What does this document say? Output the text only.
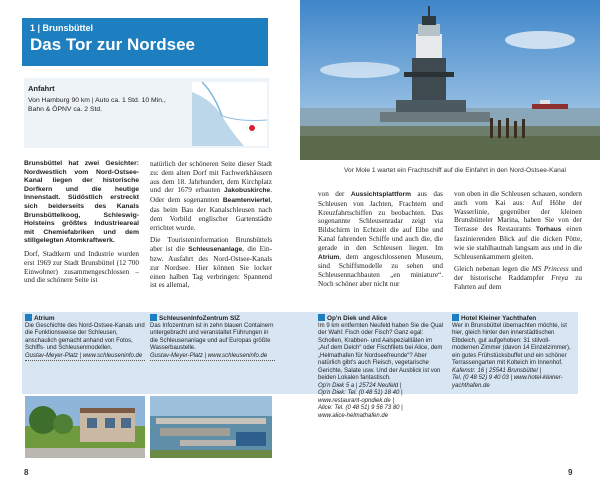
1 | Brunsbüttel
Das Tor zur Nordsee
Anfahrt
Von Hamburg 90 km | Auto ca. 1 Std. 10 Min.,
Bahn & ÖPNV ca. 2 Std.

Brunsbüttel hat zwei Gesichter: Nordwestlich vom Nord-Ostsee-Kanal liegen der historische Dorfkern und die heutige Innenstadt. Südöstlich erstreckt sich beiderseits des Kanals Brunsbüttelkoog, Schleswig-Holsteins größtes Industrieareal mit Chemiefabriken und dem stillgelegten Atomkraftwerk.

Dorf, Stadtkern und Industrie wurden erst 1969 zur Stadt Brunsbüttel (12 700 Einwohner) zusammengeschlossen – und die schönere Seite ist

natürlich der schöneren Seite dieser Stadt zu: dem alten Dorf mit Fachwerkhäusern aus dem 18. Jahrhundert, dem Kirchplatz und der 1679 erbauten Jakobuskirche. Oder dem sogenannten Beamtenviertel, das beim Bau der Kanalschleusen nach dem Vorbild englischer Gartenstädte errichtet wurde.

Die Touristeninformation Brunsbüttels aber ist die Schleusenanlage, die Ein- bzw. Ausfahrt des Nord-Ostsee-Kanals zur Nordsee. Hier können Sie locker einen halben Tag verbringen: Spannend ist es allemal,

Atrium
Die Geschichte des Nord-Ostsee-Kanals und die Funktionsweise der Schleusen, anschaulich gemacht anhand von Fotos, Schiffs- und Schleusenmodellen.
Gustav-Meyer-Platz | www.schleuseninfo.de
SchleusenInfoZentrum SIZ
Das Infozentrum ist in zehn blauen Containern untergebracht und veranstaltet Führungen in die Schleusenanlage und auf Europas größte Wasserbaustelle.
Gustav-Meyer-Platz | www.schleuseninfo.de
8
Vor Mole 1 wartet ein Frachtschiff auf die Einfahrt in den Nord-Ostsee-Kanal

von der Aussichtsplattform aus das Schleusen von Jachten, Frachtern und Kreuzfahrtschiffen zu beobachten. Das sogenannte Schleusenradar zeigt via Bildschirm in Echtzeit die auf Elbe und Kanal fahrenden Schiffe und auch die, die gerade in den Schleusen liegen. Im Atrium, dem angeschlossenen Museum, sind Schiffsmodelle zu sehen und Schleusennachbauten „en miniature“. Noch schöner aber nicht nur

von oben in die Schleusen schauen, sondern auch vom Kai aus: Auf Höhe der Wasserlinie, gegenüber der kleinen Brunsbütteler Marina, haben Sie von der Terrasse des Restaurants Torhaus einen faszinierenden Blick auf die dicken Pötte, wie sie stahlhautnah langsam aus und in die Schleusenkammern gleiten.

Gleich nebenan legen die MS Princess und der historische Raddampfer Freya zu Fahrten auf dem

Op'n Diek und Alice
Im 9 km entfernten Neufeld haben Sie die Qual der Wahl: Fisch oder Fisch? Ganz egal: Schollen, Krabben- und Aalspezialitäten im „Auf dem Deich“ oder Fischfilets bei Alice, dem „Helmathafen für Nordseefreunde“? Aber natürlich gibt's auch Fleisch, vegetarische Gerichte, Salate usw. Und der Ausblick ist von beiden Lokalen fantastisch.
Op'n Diek 5 a | 25724 Neufeld |
Op'n Diek: Tel. (0 48 51) 18 40 |
www.restaurant-opndiek.de |
Alice: Tel. (0 48 51) 9 56 73 80 |
www.alice-helmathafen.de
Hotel Kleiner Yachthafen
Wer in Brunsbüttel übernachten möchte, ist hier, gleich hinter den innerstädtischen Elbdeich, gut aufgehoben: 31 stilvoll-modernen Zimmer (davon 14 Einzelzimmer), ein gutes Frühstücksbuffet und ein schöner Terrassengarten mit Kolteich im Innenhof.
Kafenstr. 16 | 25541 Brunsbüttel |
Tel. (0 48 52) 9 40 03 | www.hotel-kleiner-yachthafen.de
9
